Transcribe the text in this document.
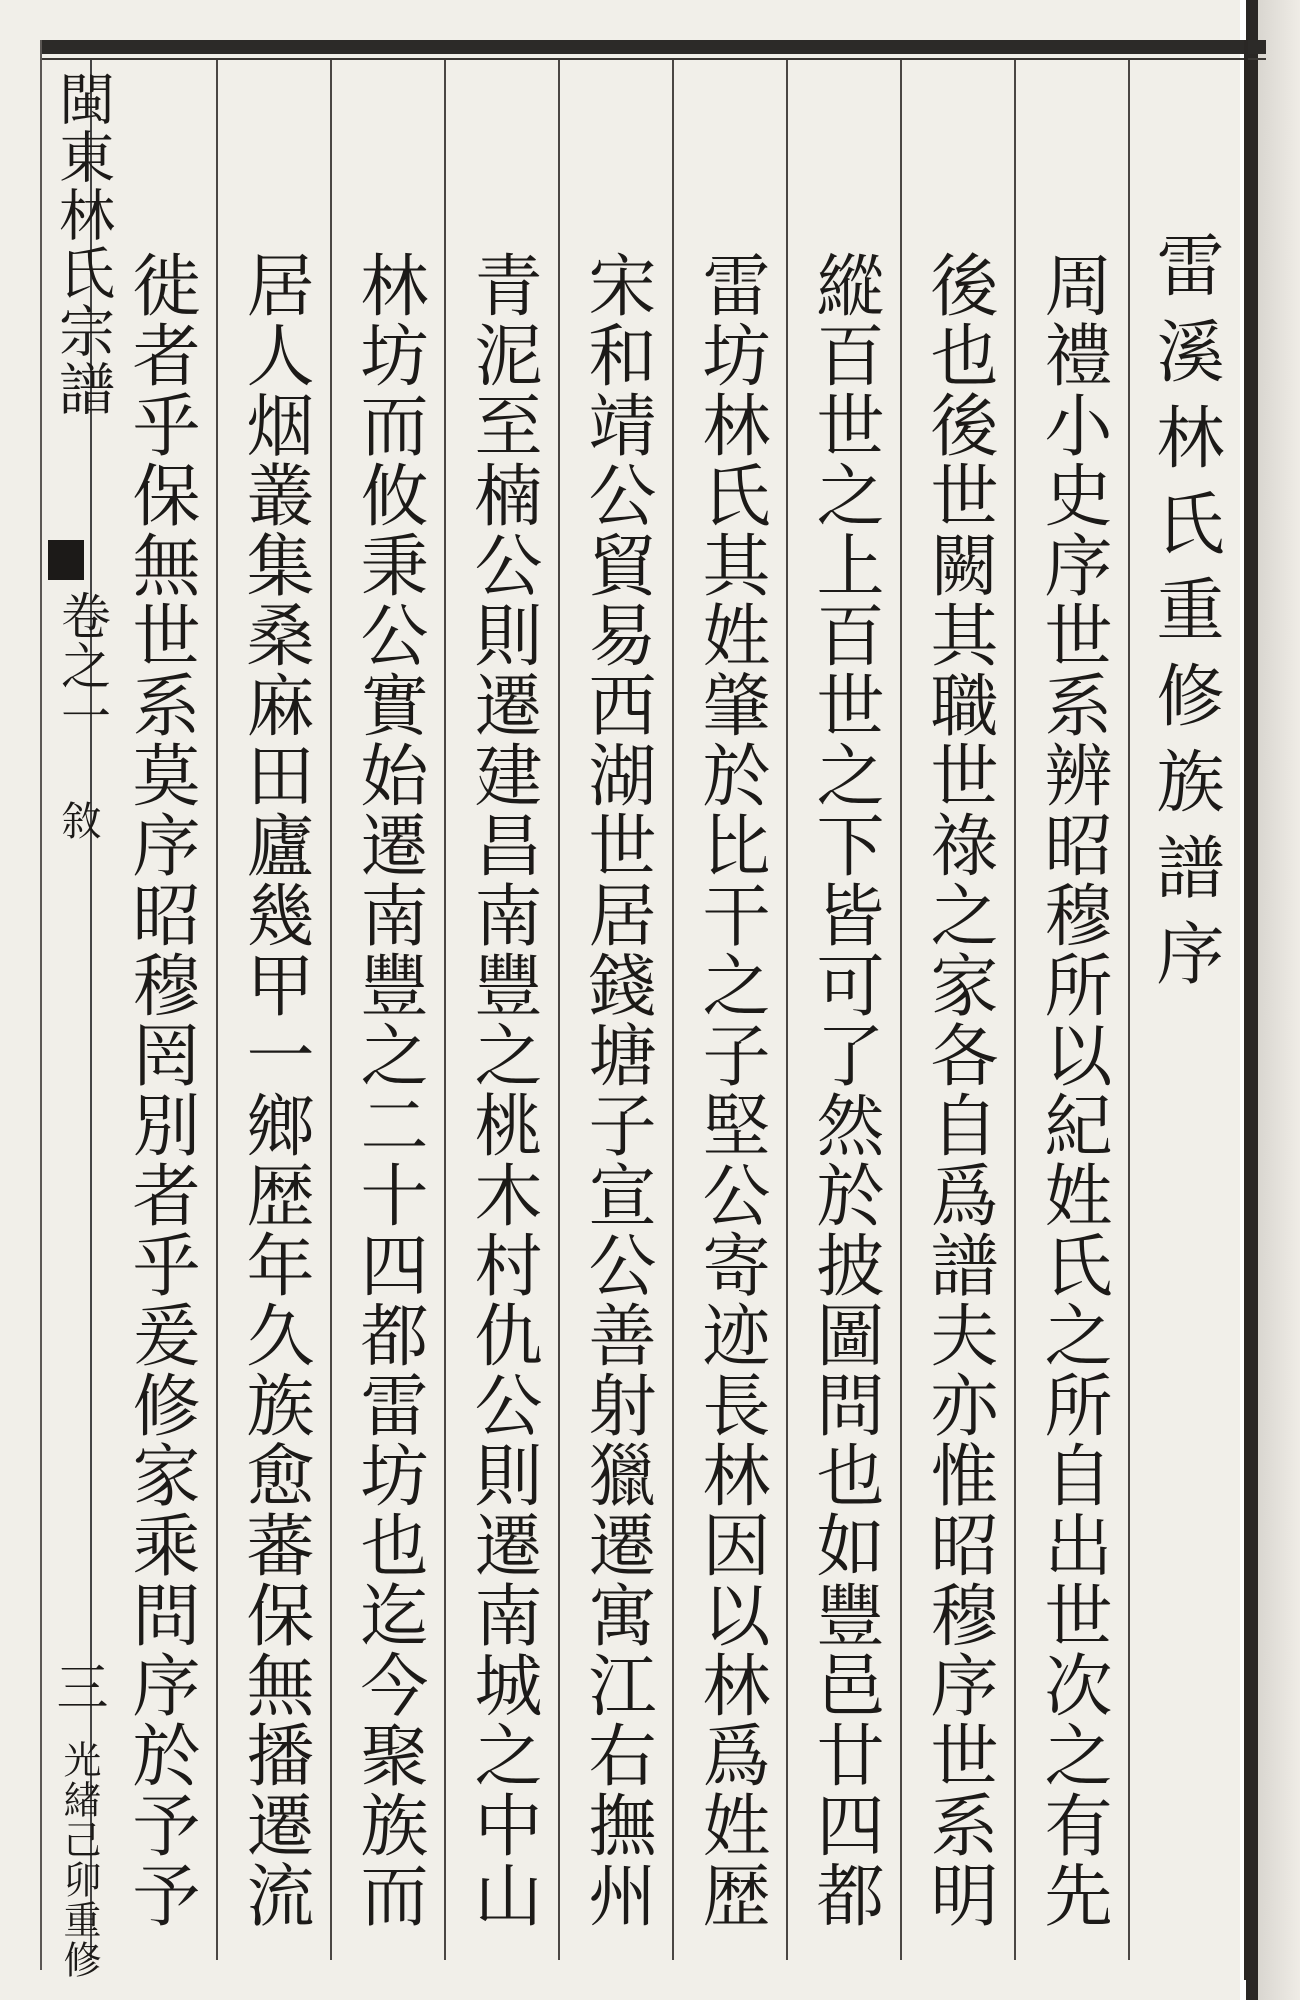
閩東林氏宗譜
卷之一
敘
三
光緒己卯重修
雷溪林氏重修族譜序
周禮小史序世系辨昭穆所以紀姓氏之所自出世次之有先
後也後世闕其職世祿之家各自爲譜夫亦惟昭穆序世系明
縱百世之上百世之下皆可了然於披圖問也如豐邑廿四都
雷坊林氏其姓肇於比干之子堅公寄迹長林因以林爲姓歴
宋和靖公貿易西湖世居錢塘子宣公善射獵遷寓江右撫州
青泥至楠公則遷建昌南豐之桃木村仇公則遷南城之中山
林坊而攸秉公實始遷南豐之二十四都雷坊也迄今聚族而
居人烟叢集桑麻田廬幾甲一鄉歴年久族愈蕃保無播遷流
徙者乎保無世系莫序昭穆罔別者乎爰修家乘問序於予予
